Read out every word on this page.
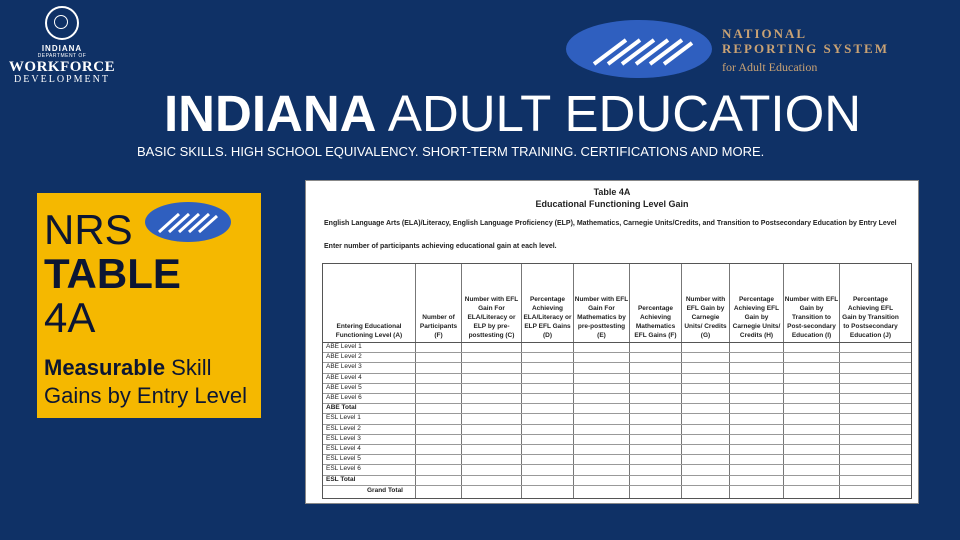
INDIANA
DEPARTMENT OF
WORKFORCE
DEVELOPMENT
NATIONAL
REPORTING SYSTEM
for Adult Education
INDIANA ADULT EDUCATION
BASIC SKILLS. HIGH SCHOOL EQUIVALENCY. SHORT-TERM TRAINING. CERTIFICATIONS AND MORE.
NRS
TABLE
4A
Measurable Skill Gains by Entry Level
Table 4A
Educational Functioning Level Gain
English Language Arts (ELA)/Literacy, English Language Proficiency (ELP), Mathematics, Carnegie Units/Credits, and Transition to Postsecondary Education by Entry Level
Enter number of participants achieving educational gain at each level.
Entering Educational Functioning Level (A)
Number of Participants (F)
Number with EFL Gain For ELA/Literacy or ELP by pre-posttesting (C)
Percentage Achieving ELA/Literacy or ELP EFL Gains (D)
Number with EFL Gain For Mathematics by pre-posttesting (E)
Percentage Achieving Mathematics EFL Gains (F)
Number with EFL Gain by Carnegie Units/ Credits (G)
Percentage Achieving EFL Gain by Carnegie Units/ Credits (H)
Number with EFL Gain by Transition to Post-secondary Education (I)
Percentage Achieving EFL Gain by Transition to Postsecondary Education (J)
ABE Level 1
ABE Level 2
ABE Level 3
ABE Level 4
ABE Level 5
ABE Level 6
ABE Total
ESL Level 1
ESL Level 2
ESL Level 3
ESL Level 4
ESL Level 5
ESL Level 6
ESL Total
Grand Total
